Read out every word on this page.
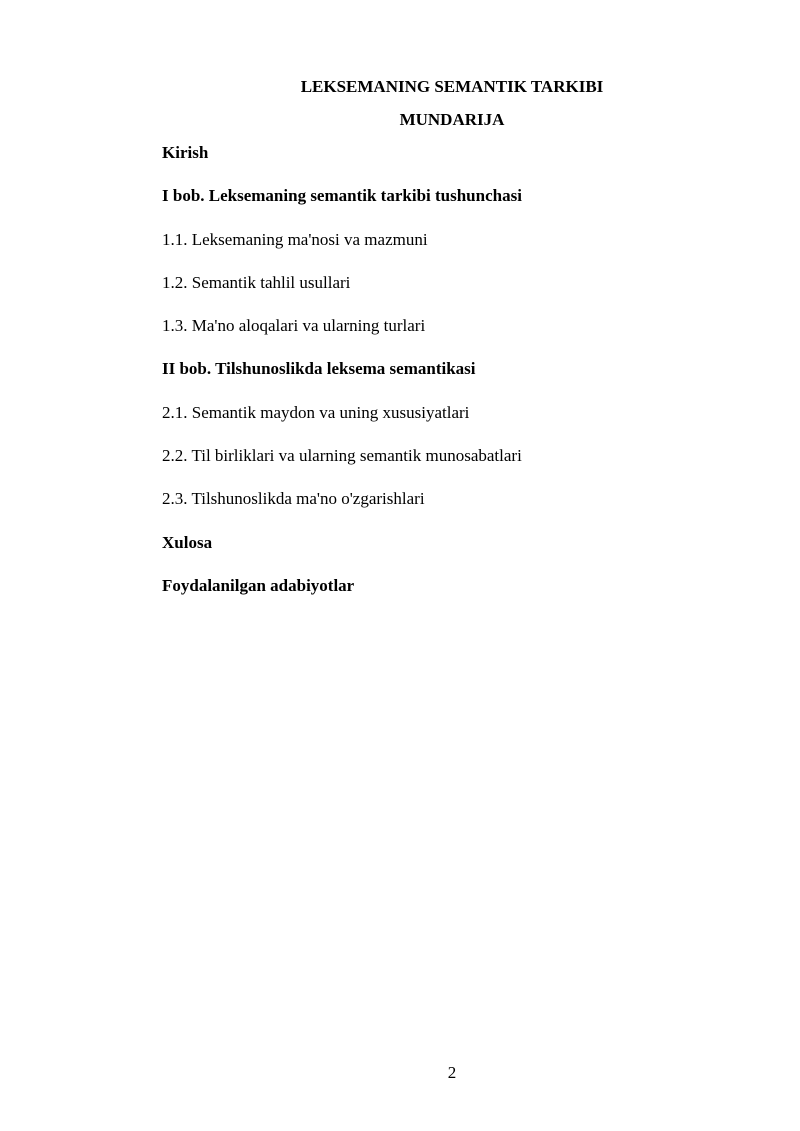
LEKSEMANING SEMANTIK TARKIBI
MUNDARIJA
Kirish
I bob. Leksemaning semantik tarkibi tushunchasi
1.1. Leksemaning ma'nosi va mazmuni
1.2. Semantik tahlil usullari
1.3. Ma'no aloqalari va ularning turlari
II bob. Tilshunoslikda leksema semantikasi
2.1. Semantik maydon va uning xususiyatlari
2.2. Til birliklari va ularning semantik munosabatlari
2.3. Tilshunoslikda ma'no o'zgarishlari
Xulosa
Foydalanilgan adabiyotlar
2
